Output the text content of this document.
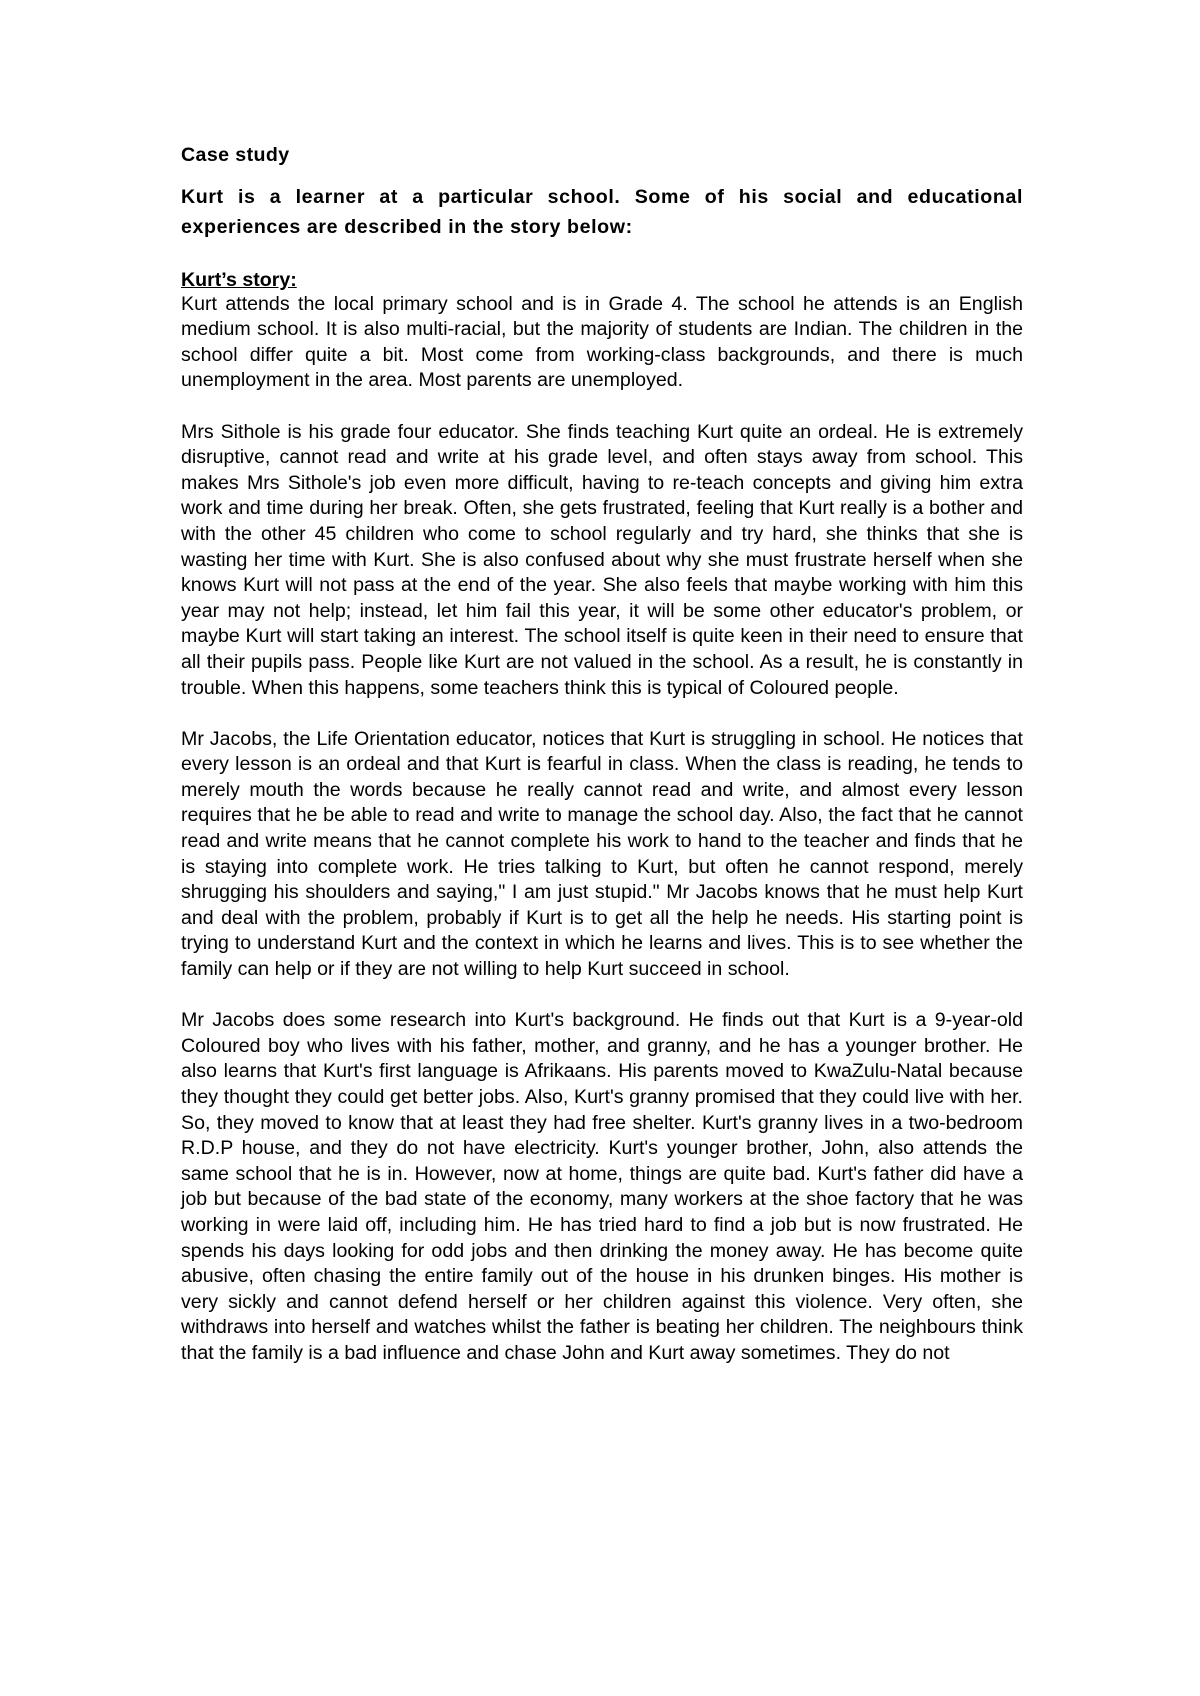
Case study
Kurt is a learner at a particular school. Some of his social and educational experiences are described in the story below:
Kurt’s story:
Kurt attends the local primary school and is in Grade 4. The school he attends is an English medium school. It is also multi-racial, but the majority of students are Indian. The children in the school differ quite a bit. Most come from working-class backgrounds, and there is much unemployment in the area. Most parents are unemployed.
Mrs Sithole is his grade four educator. She finds teaching Kurt quite an ordeal. He is extremely disruptive, cannot read and write at his grade level, and often stays away from school. This makes Mrs Sithole's job even more difficult, having to re-teach concepts and giving him extra work and time during her break. Often, she gets frustrated, feeling that Kurt really is a bother and with the other 45 children who come to school regularly and try hard, she thinks that she is wasting her time with Kurt. She is also confused about why she must frustrate herself when she knows Kurt will not pass at the end of the year. She also feels that maybe working with him this year may not help; instead, let him fail this year, it will be some other educator's problem, or maybe Kurt will start taking an interest. The school itself is quite keen in their need to ensure that all their pupils pass. People like Kurt are not valued in the school. As a result, he is constantly in trouble. When this happens, some teachers think this is typical of Coloured people.
Mr Jacobs, the Life Orientation educator, notices that Kurt is struggling in school. He notices that every lesson is an ordeal and that Kurt is fearful in class. When the class is reading, he tends to merely mouth the words because he really cannot read and write, and almost every lesson requires that he be able to read and write to manage the school day. Also, the fact that he cannot read and write means that he cannot complete his work to hand to the teacher and finds that he is staying into complete work. He tries talking to Kurt, but often he cannot respond, merely shrugging his shoulders and saying," I am just stupid." Mr Jacobs knows that he must help Kurt and deal with the problem, probably if Kurt is to get all the help he needs. His starting point is trying to understand Kurt and the context in which he learns and lives. This is to see whether the family can help or if they are not willing to help Kurt succeed in school.
Mr Jacobs does some research into Kurt's background. He finds out that Kurt is a 9-year-old Coloured boy who lives with his father, mother, and granny, and he has a younger brother. He also learns that Kurt's first language is Afrikaans. His parents moved to KwaZulu-Natal because they thought they could get better jobs. Also, Kurt's granny promised that they could live with her. So, they moved to know that at least they had free shelter. Kurt's granny lives in a two-bedroom R.D.P house, and they do not have electricity. Kurt's younger brother, John, also attends the same school that he is in. However, now at home, things are quite bad. Kurt's father did have a job but because of the bad state of the economy, many workers at the shoe factory that he was working in were laid off, including him. He has tried hard to find a job but is now frustrated. He spends his days looking for odd jobs and then drinking the money away. He has become quite abusive, often chasing the entire family out of the house in his drunken binges. His mother is very sickly and cannot defend herself or her children against this violence. Very often, she withdraws into herself and watches whilst the father is beating her children. The neighbours think that the family is a bad influence and chase John and Kurt away sometimes. They do not
